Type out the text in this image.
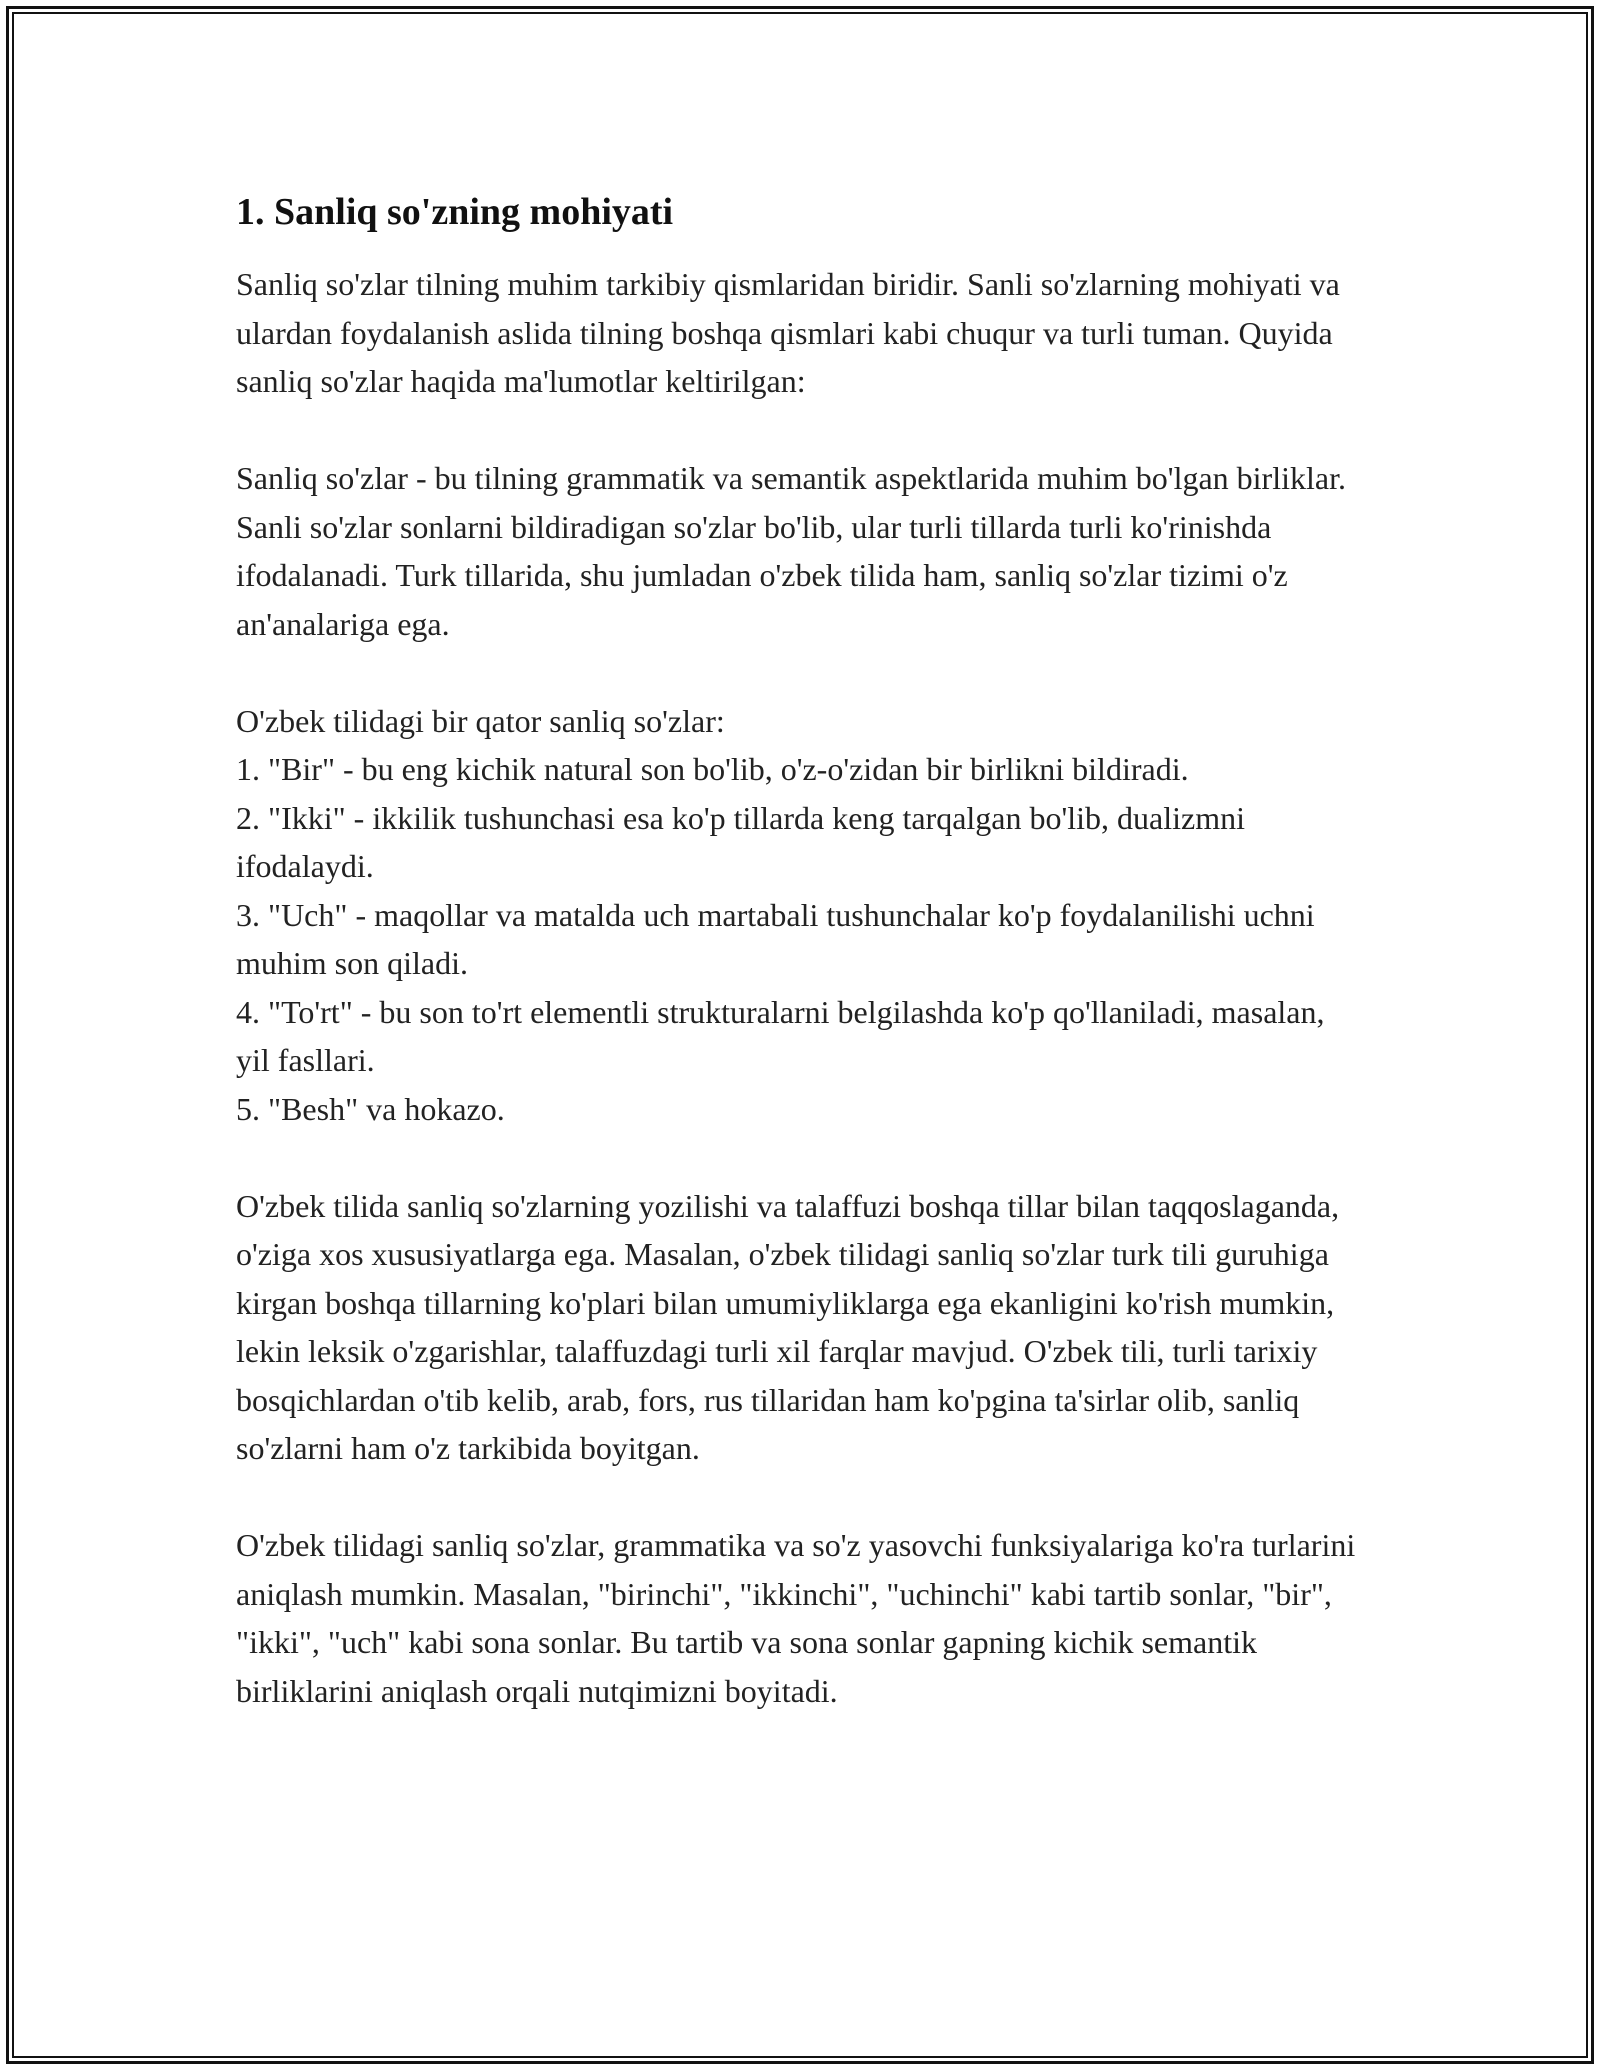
1. Sanliq so'zning mohiyati

Sanliq so'zlar tilning muhim tarkibiy qismlaridan biridir. Sanli so'zlarning mohiyati va ulardan foydalanish aslida tilning boshqa qismlari kabi chuqur va turli tuman. Quyida sanliq so'zlar haqida ma'lumotlar keltirilgan:

Sanliq so'zlar - bu tilning grammatik va semantik aspektlarida muhim bo'lgan birliklar. Sanli so'zlar sonlarni bildiradigan so'zlar bo'lib, ular turli tillarda turli ko'rinishda ifodalanadi. Turk tillarida, shu jumladan o'zbek tilida ham, sanliq so'zlar tizimi o'z an'analariga ega.

O'zbek tilidagi bir qator sanliq so'zlar:

1. "Bir" - bu eng kichik natural son bo'lib, o'z-o'zidan bir birlikni bildiradi.
2. "Ikki" - ikkilik tushunchasi esa ko'p tillarda keng tarqalgan bo'lib, dualizmni ifodalaydi.
3. "Uch" - maqollar va matalda uch martabali tushunchalar ko'p foydalanilishi uchni muhim son qiladi.
4. "To'rt" - bu son to'rt elementli strukturalarni belgilashda ko'p qo'llaniladi, masalan, yil fasllari.
5. "Besh" va hokazo.

O'zbek tilida sanliq so'zlarning yozilishi va talaffuzi boshqa tillar bilan taqqoslaganda, o'ziga xos xususiyatlarga ega. Masalan, o'zbek tilidagi sanliq so'zlar turk tili guruhiga kirgan boshqa tillarning ko'plari bilan umumiyliklarga ega ekanligini ko'rish mumkin, lekin leksik o'zgarishlar, talaffuzdagi turli xil farqlar mavjud. O'zbek tili, turli tarixiy bosqichlardan o'tib kelib, arab, fors, rus tillaridan ham ko'pgina ta'sirlar olib, sanliq so'zlarni ham o'z tarkibida boyitgan.

O'zbek tilidagi sanliq so'zlar, grammatika va so'z yasovchi funksiyalariga ko'ra turlarini aniqlash mumkin. Masalan, "birinchi", "ikkinchi", "uchinchi" kabi tartib sonlar, "bir", "ikki", "uch" kabi sona sonlar. Bu tartib va sona sonlar gapning kichik semantik birliklarini aniqlash orqali nutqimizni boyitadi.
